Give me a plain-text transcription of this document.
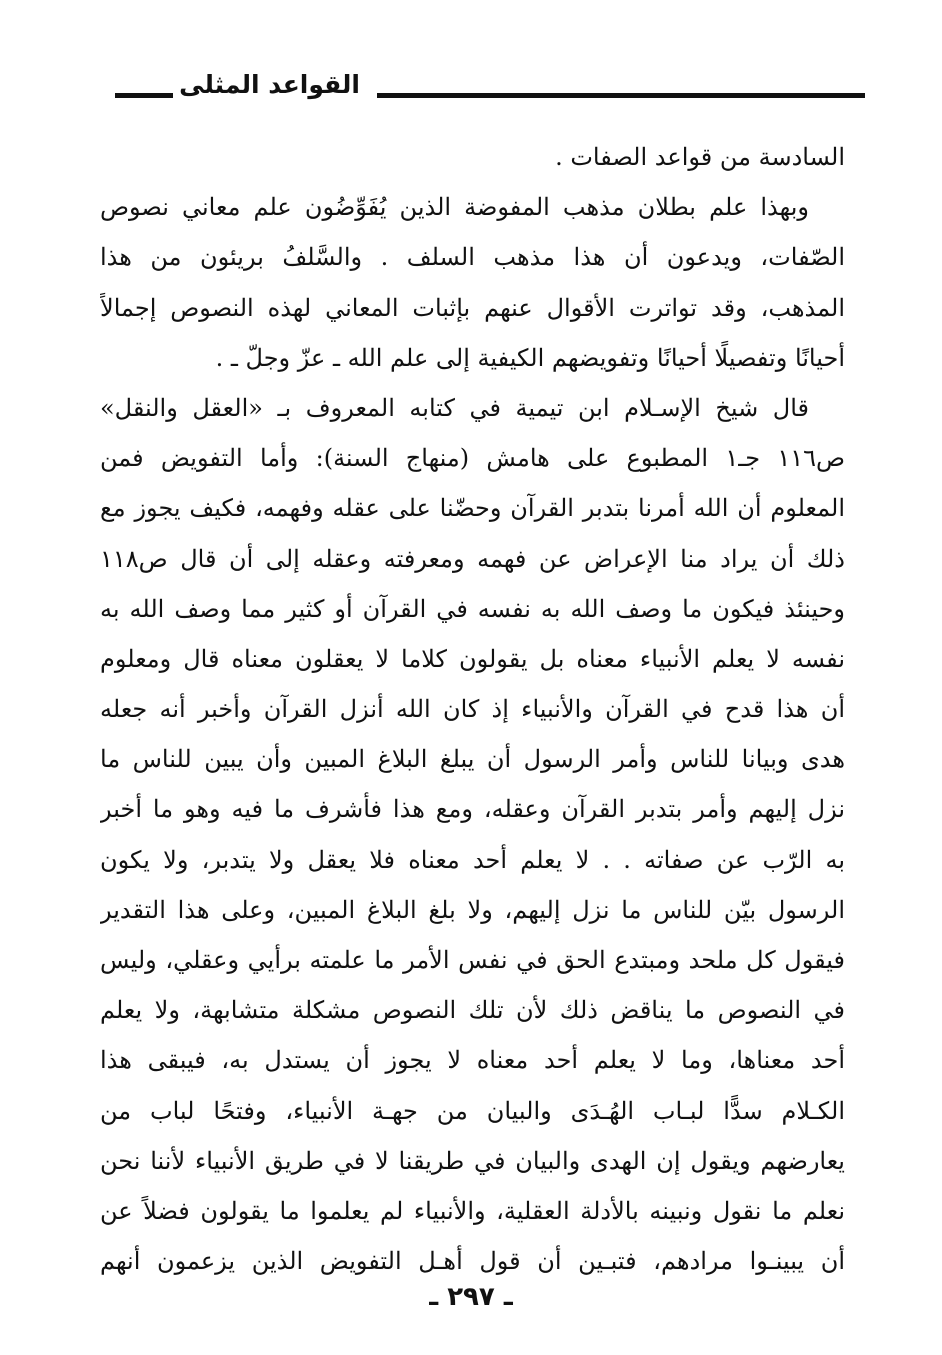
القواعد المثلى
السادسة من قواعد الصفات .
وبهذا علم بطلان مذهب المفوضة الذين يُفَوِّضُون علم معاني نصوص
الصّفات، ويدعون أن هذا مذهب السلف . والسَّلفُ بريئون من هذا
المذهب، وقد تواترت الأقوال عنهم بإثبات المعاني لهذه النصوص إجمالاً
أحيانًا وتفصيلًا أحيانًا وتفويضهم الكيفية إلى علم الله ـ عزّ وجلّ ـ .
قال شيخ الإسـلام ابن تيمية في كتابه المعروف بـ «العقل والنقل»
ص١١٦ جـ١ المطبوع على هامش (منهاج السنة): وأما التفويض فمن
المعلوم أن الله أمرنا بتدبر القرآن وحضّنا على عقله وفهمه، فكيف يجوز مع
ذلك أن يراد منا الإعراض عن فهمه ومعرفته وعقله إلى أن قال ص١١٨
وحينئذ فيكون ما وصف الله به نفسه في القرآن أو كثير مما وصف الله به
نفسه لا يعلم الأنبياء معناه بل يقولون كلاما لا يعقلون معناه قال ومعلوم
أن هذا قدح في القرآن والأنبياء إذ كان الله أنزل القرآن وأخبر أنه جعله
هدى وبيانا للناس وأمر الرسول أن يبلغ البلاغ المبين وأن يبين للناس ما
نزل إليهم وأمر بتدبر القرآن وعقله، ومع هذا فأشرف ما فيه وهو ما أخبر
به الرّب عن صفاته . . لا يعلم أحد معناه فلا يعقل ولا يتدبر، ولا يكون
الرسول بيّن للناس ما نزل إليهم، ولا بلغ البلاغ المبين، وعلى هذا التقدير
فيقول كل ملحد ومبتدع الحق في نفس الأمر ما علمته برأيي وعقلي، وليس
في النصوص ما يناقض ذلك لأن تلك النصوص مشكلة متشابهة، ولا يعلم
أحد معناها، وما لا يعلم أحد معناه لا يجوز أن يستدل به، فيبقى هذا
الكـلام سدًّا لبـاب الهُـدَى والبيان من جهـة الأنبياء، وفتحًا لباب من
يعارضهم ويقول إن الهدى والبيان في طريقنا لا في طريق الأنبياء لأننا نحن
نعلم ما نقول ونبينه بالأدلة العقلية، والأنبياء لم يعلموا ما يقولون فضلاً عن
أن يبينـوا مرادهم، فتبـين أن قول أهـل التفويض الذين يزعمون أنهم
ـ ٢٩٧ ـ
